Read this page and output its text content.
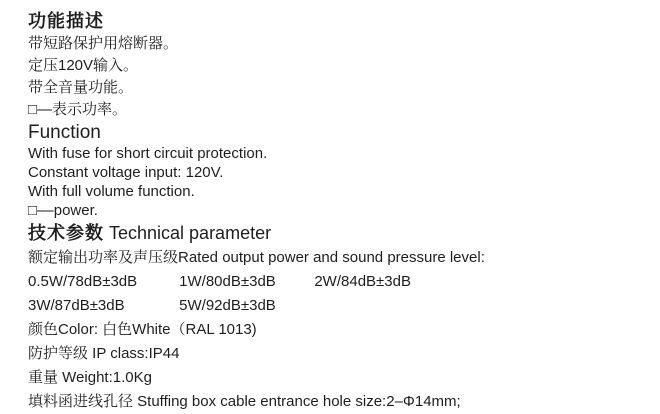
功能描述
带短路保护用熔断器。
定压120V输入。
带全音量功能。
□—表示功率。
Function
With fuse for short circuit protection.
Constant voltage input: 120V.
With full volume function.
□––power.
技术参数 Technical parameter
额定输出功率及声压级Rated output power and sound pressure level:
0.5W/78dB±3dB	1W/80dB±3dB	2W/84dB±3dB
3W/87dB±3dB	5W/92dB±3dB
颜色Color: 白色White（RAL 1013)
防护等级 IP class:IP44
重量 Weight:1.0Kg
填料函进线孔径 Stuffing box cable entrance hole size:2–Φ14mm;
